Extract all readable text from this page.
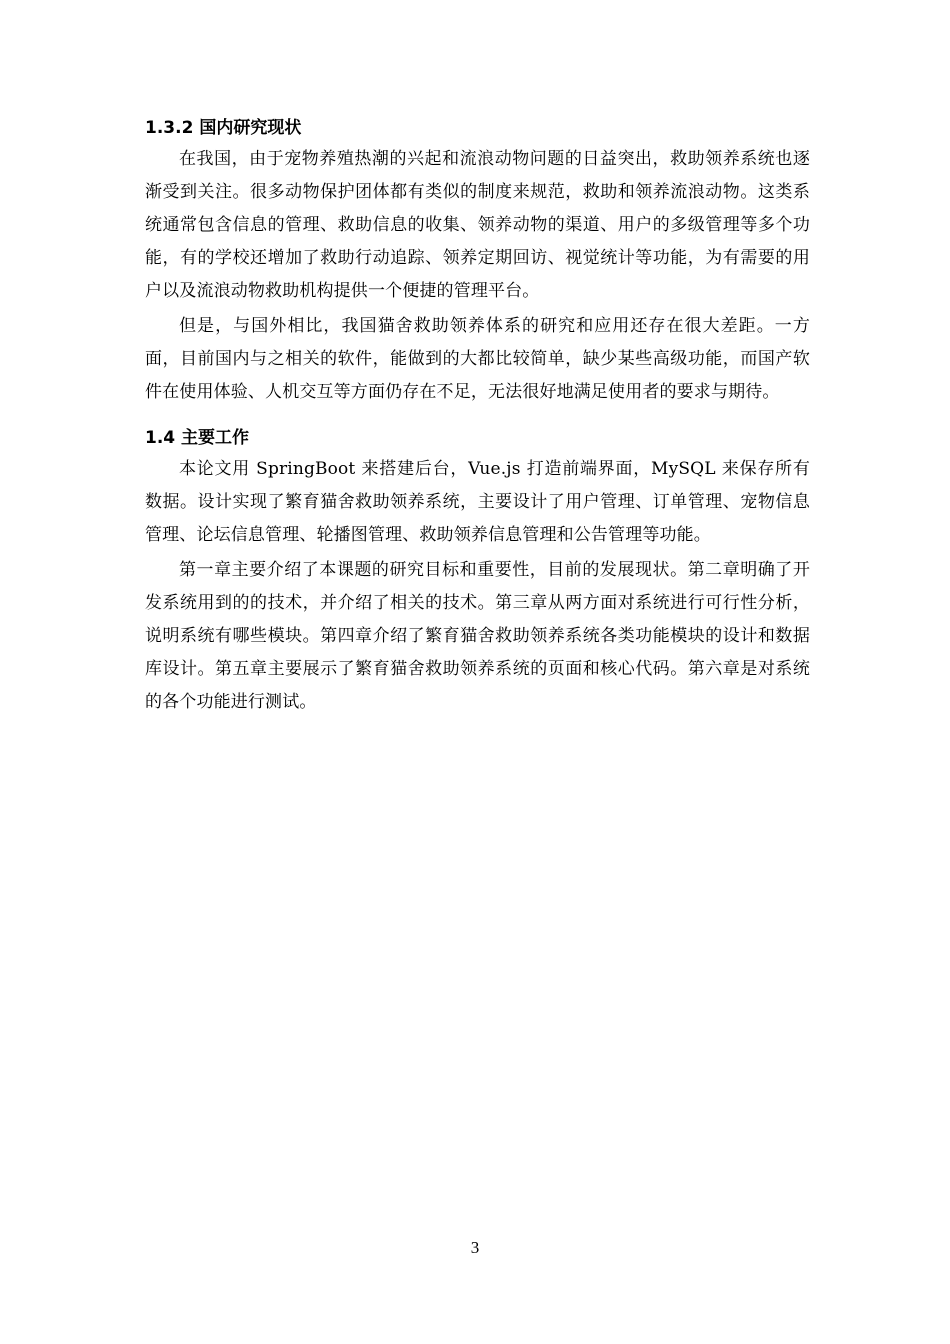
1.3.2 国内研究现状

在我国，由于宠物养殖热潮的兴起和流浪动物问题的日益突出，救助领养系统也逐渐受到关注。很多动物保护团体都有类似的制度来规范，救助和领养流浪动物。这类系统通常包含信息的管理、救助信息的收集、领养动物的渠道、用户的多级管理等多个功能，有的学校还增加了救助行动追踪、领养定期回访、视觉统计等功能，为有需要的用户以及流浪动物救助机构提供一个便捷的管理平台。

但是，与国外相比，我国猫舍救助领养体系的研究和应用还存在很大差距。一方面，目前国内与之相关的软件，能做到的大都比较简单，缺少某些高级功能，而国产软件在使用体验、人机交互等方面仍存在不足，无法很好地满足使用者的要求与期待。

1.4 主要工作

本论文用 SpringBoot 来搭建后台，Vue.js 打造前端界面，MySQL 来保存所有数据。设计实现了繁育猫舍救助领养系统，主要设计了用户管理、订单管理、宠物信息管理、论坛信息管理、轮播图管理、救助领养信息管理和公告管理等功能。

第一章主要介绍了本课题的研究目标和重要性，目前的发展现状。第二章明确了开发系统用到的的技术，并介绍了相关的技术。第三章从两方面对系统进行可行性分析，说明系统有哪些模块。第四章介绍了繁育猫舍救助领养系统各类功能模块的设计和数据库设计。第五章主要展示了繁育猫舍救助领养系统的页面和核心代码。第六章是对系统的各个功能进行测试。

3
